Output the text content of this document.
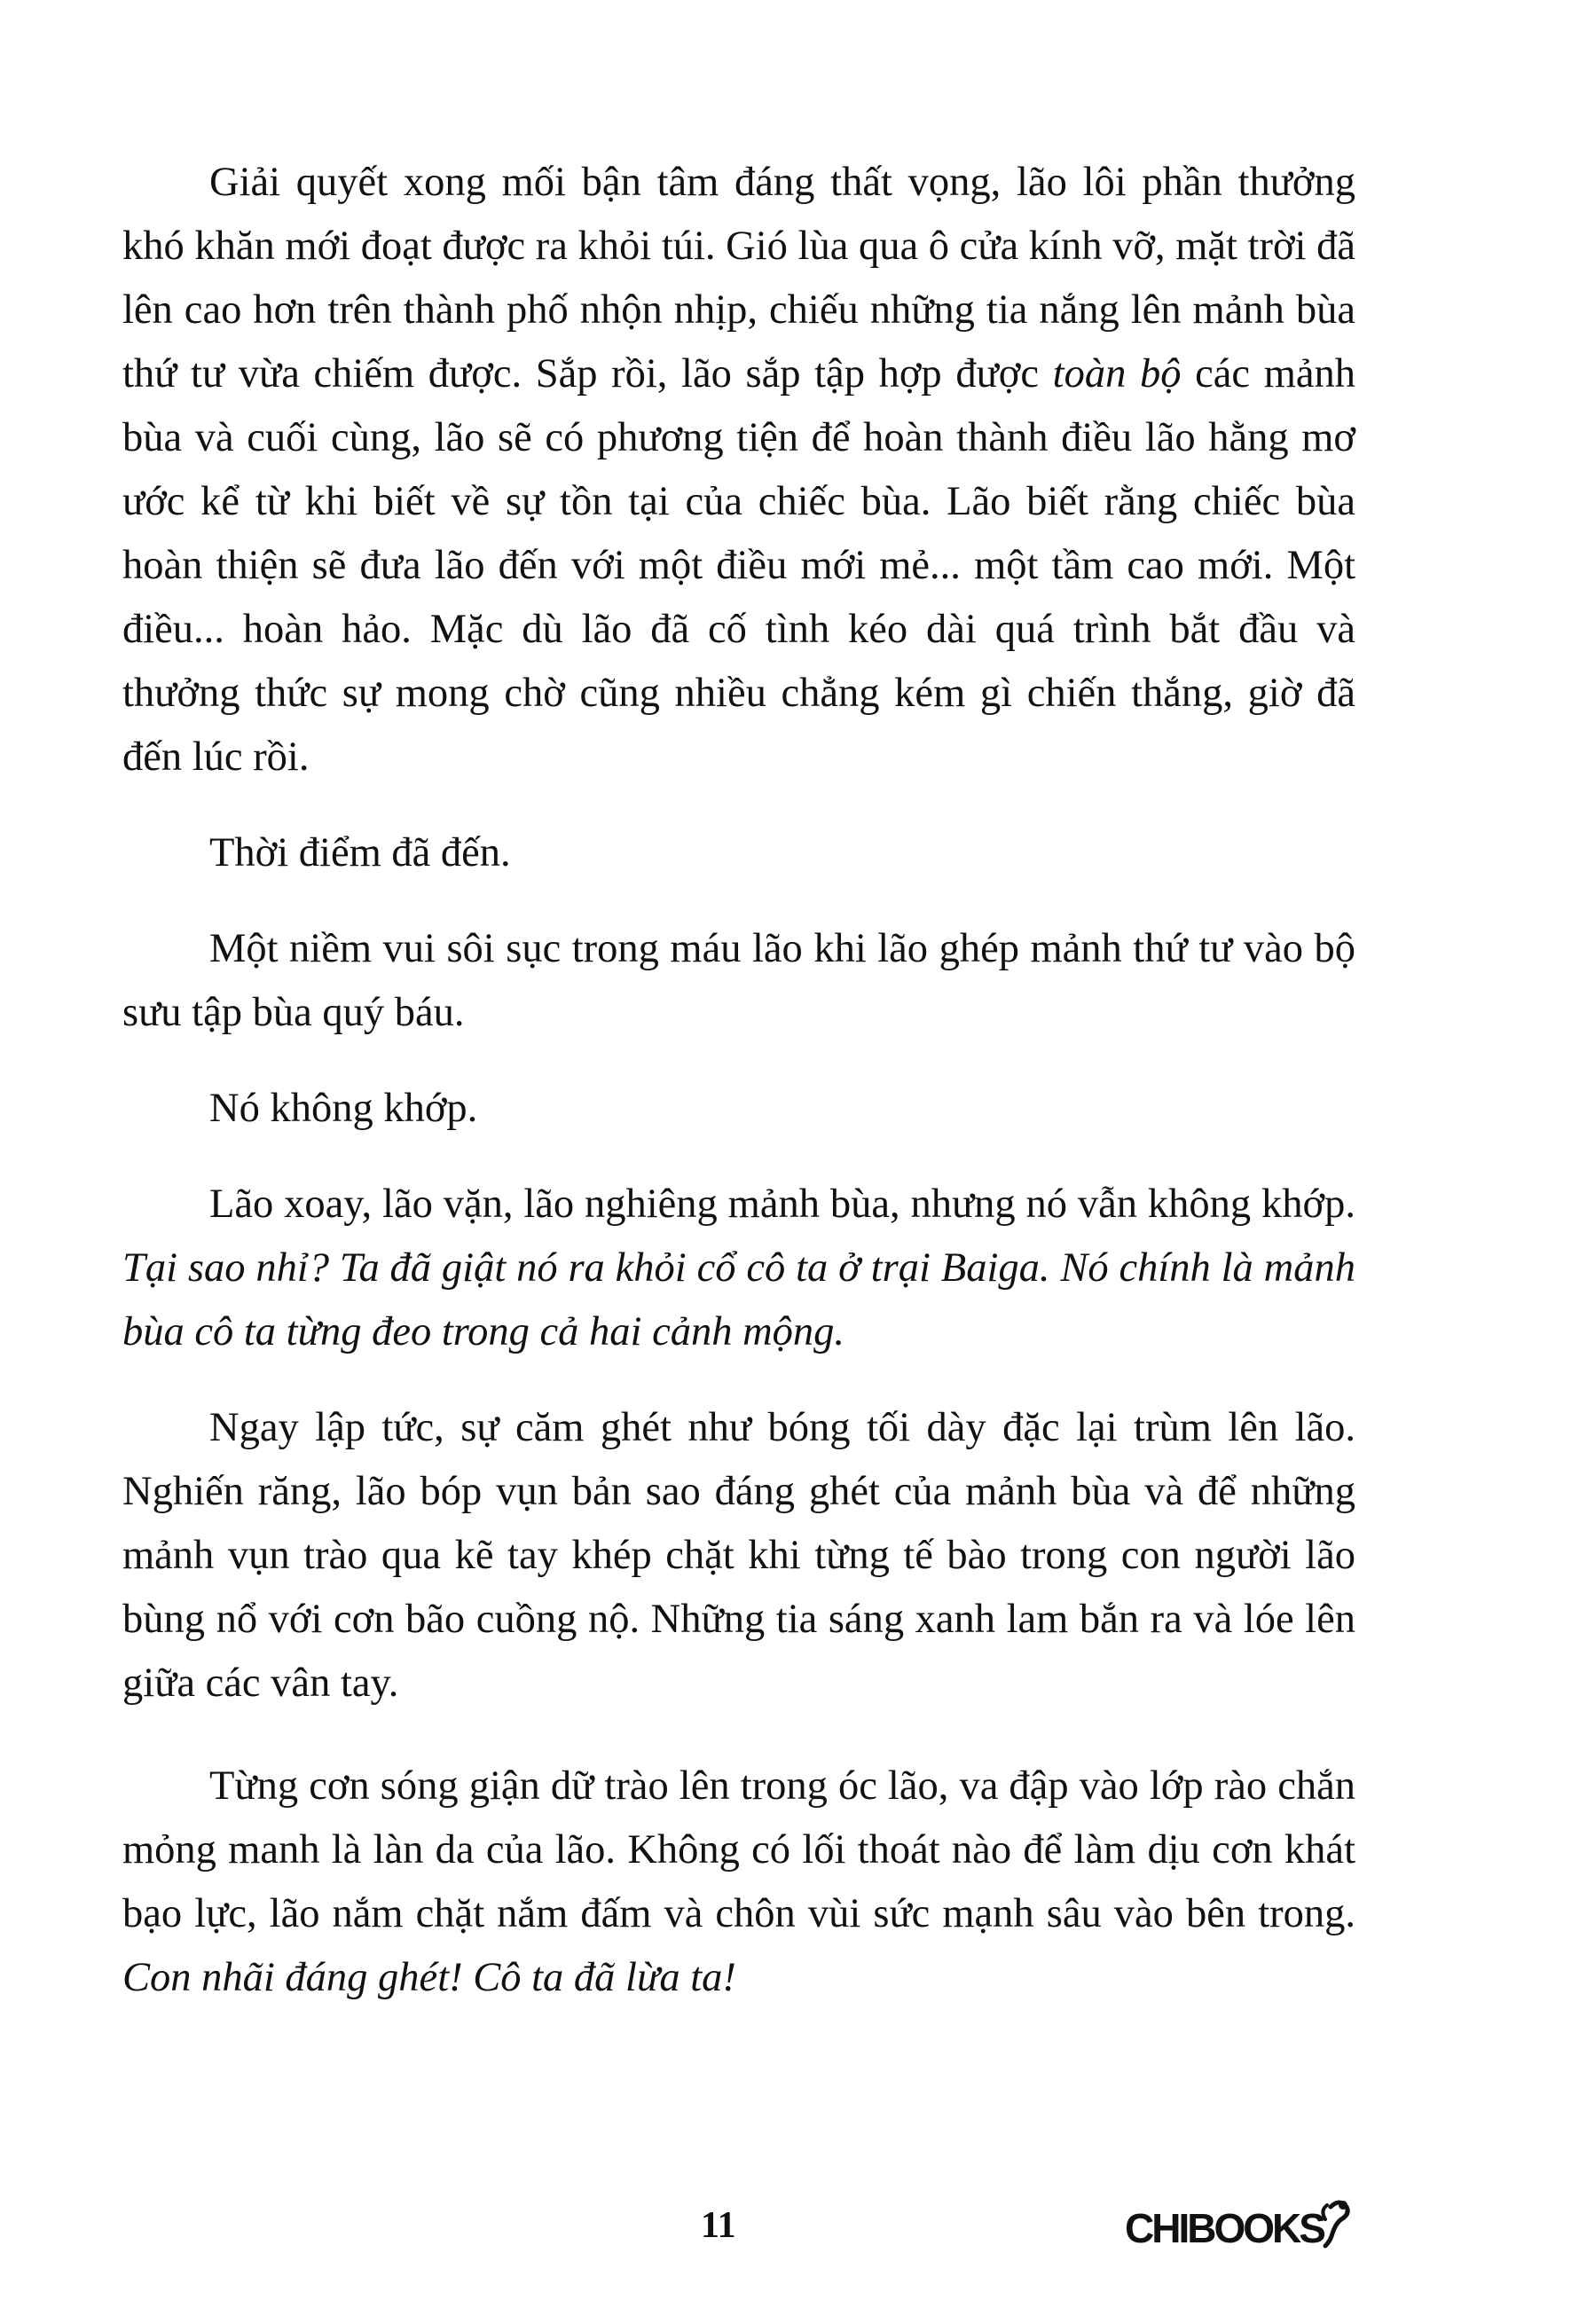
Giải quyết xong mối bận tâm đáng thất vọng, lão lôi phần thưởng khó khăn mới đoạt được ra khỏi túi. Gió lùa qua ô cửa kính vỡ, mặt trời đã lên cao hơn trên thành phố nhộn nhịp, chiếu những tia nắng lên mảnh bùa thứ tư vừa chiếm được. Sắp rồi, lão sắp tập hợp được toàn bộ các mảnh bùa và cuối cùng, lão sẽ có phương tiện để hoàn thành điều lão hằng mơ ước kể từ khi biết về sự tồn tại của chiếc bùa. Lão biết rằng chiếc bùa hoàn thiện sẽ đưa lão đến với một điều mới mẻ... một tầm cao mới. Một điều... hoàn hảo. Mặc dù lão đã cố tình kéo dài quá trình bắt đầu và thưởng thức sự mong chờ cũng nhiều chẳng kém gì chiến thắng, giờ đã đến lúc rồi.

Thời điểm đã đến.

Một niềm vui sôi sục trong máu lão khi lão ghép mảnh thứ tư vào bộ sưu tập bùa quý báu.

Nó không khớp.

Lão xoay, lão vặn, lão nghiêng mảnh bùa, nhưng nó vẫn không khớp. Tại sao nhỉ? Ta đã giật nó ra khỏi cổ cô ta ở trại Baiga. Nó chính là mảnh bùa cô ta từng đeo trong cả hai cảnh mộng.

Ngay lập tức, sự căm ghét như bóng tối dày đặc lại trùm lên lão. Nghiến răng, lão bóp vụn bản sao đáng ghét của mảnh bùa và để những mảnh vụn trào qua kẽ tay khép chặt khi từng tế bào trong con người lão bùng nổ với cơn bão cuồng nộ. Những tia sáng xanh lam bắn ra và lóe lên giữa các vân tay.

Từng cơn sóng giận dữ trào lên trong óc lão, va đập vào lớp rào chắn mỏng manh là làn da của lão. Không có lối thoát nào để làm dịu cơn khát bạo lực, lão nắm chặt nắm đấm và chôn vùi sức mạnh sâu vào bên trong. Con nhãi đáng ghét! Cô ta đã lừa ta!

11	CHIBOOKS
